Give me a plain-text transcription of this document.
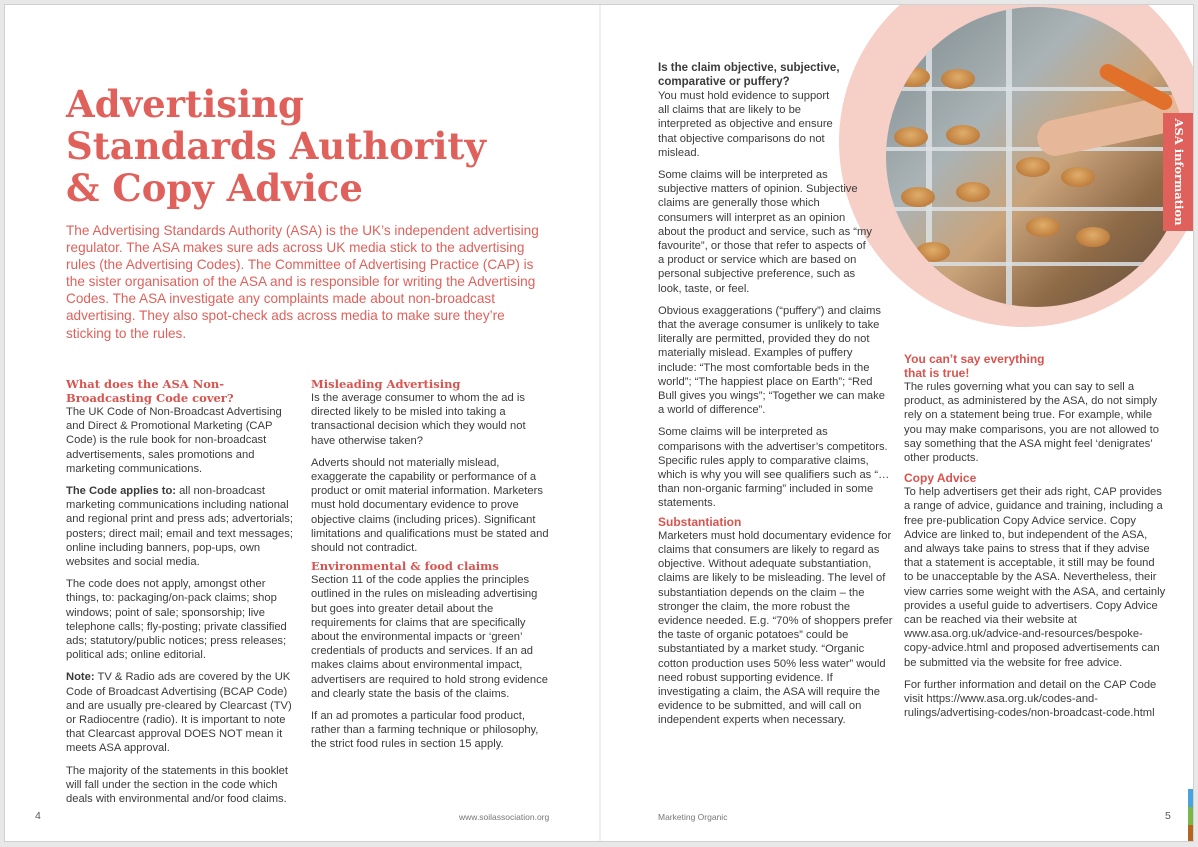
Advertising
Standards Authority
& Copy Advice

The Advertising Standards Authority (ASA) is the UK’s independent advertising regulator. The ASA makes sure ads across UK media stick to the advertising rules (the Advertising Codes). The Committee of Advertising Practice (CAP) is the sister organisation of the ASA and is responsible for writing the Advertising Codes. The ASA investigate any complaints made about non-broadcast advertising. They also spot-check ads across media to make sure they’re sticking to the rules.

What does the ASA Non-Broadcasting Code cover?

The UK Code of Non-Broadcast Advertising and Direct & Promotional Marketing (CAP Code) is the rule book for non-broadcast advertisements, sales promotions and marketing communications.

The Code applies to: all non-broadcast marketing communications including national and regional print and press ads; advertorials; posters; direct mail; email and text messages; online including banners, pop-ups, own websites and social media.

The code does not apply, amongst other things, to: packaging/on-pack claims; shop windows; point of sale; sponsorship; live telephone calls; fly-posting; private classified ads; statutory/public notices; press releases; political ads; online editorial.

Note: TV & Radio ads are covered by the UK Code of Broadcast Advertising (BCAP Code) and are usually pre-cleared by Clearcast (TV) or Radiocentre (radio). It is important to note that Clearcast approval DOES NOT mean it meets ASA approval.

The majority of the statements in this booklet will fall under the section in the code which deals with environmental and/or food claims.

Misleading Advertising

Is the average consumer to whom the ad is directed likely to be misled into taking a transactional decision which they would not have otherwise taken?

Adverts should not materially mislead, exaggerate the capability or performance of a product or omit material information. Marketers must hold documentary evidence to prove objective claims (including prices). Significant limitations and qualifications must be stated and should not contradict.

Environmental & food claims

Section 11 of the code applies the principles outlined in the rules on misleading advertising but goes into greater detail about the requirements for claims that are specifically about the environmental impacts or ‘green’ credentials of products and services. If an ad makes claims about environmental impact, advertisers are required to hold strong evidence and clearly state the basis of the claims.

If an ad promotes a particular food product, rather than a farming technique or philosophy, the strict food rules in section 15 apply.

4	www.soilassociation.org	Marketing Organic	5
ASA information
Is the claim objective, subjective, comparative or puffery?

You must hold evidence to support all claims that are likely to be interpreted as objective and ensure that objective comparisons do not mislead.

Some claims will be interpreted as subjective matters of opinion. Subjective claims are generally those which consumers will interpret as an opinion about the product and service, such as “my favourite”, or those that refer to aspects of a product or service which are based on personal subjective preference, such as look, taste, or feel.

Obvious exaggerations (“puffery”) and claims that the average consumer is unlikely to take literally are permitted, provided they do not materially mislead. Examples of puffery include: “The most comfortable beds in the world”; “The happiest place on Earth”; “Red Bull gives you wings”; “Together we can make a world of difference”.

Some claims will be interpreted as comparisons with the advertiser’s competitors. Specific rules apply to comparative claims, which is why you will see qualifiers such as “… than non-organic farming” included in some statements.

Substantiation

Marketers must hold documentary evidence for claims that consumers are likely to regard as objective. Without adequate substantiation, claims are likely to be misleading. The level of substantiation depends on the claim – the stronger the claim, the more robust the evidence needed. E.g. “70% of shoppers prefer the taste of organic potatoes” could be substantiated by a market study. “Organic cotton production uses 50% less water” would need robust supporting evidence. If investigating a claim, the ASA will require the evidence to be submitted, and will call on independent experts when necessary.

You can’t say everything that is true!

The rules governing what you can say to sell a product, as administered by the ASA, do not simply rely on a statement being true. For example, while you may make comparisons, you are not allowed to say something that the ASA might feel ‘denigrates’ other products.

Copy Advice

To help advertisers get their ads right, CAP provides a range of advice, guidance and training, including a free pre-publication Copy Advice service. Copy Advice are linked to, but independent of the ASA, and always take pains to stress that if they advise that a statement is acceptable, it still may be found to be unacceptable by the ASA. Nevertheless, their view carries some weight with the ASA, and certainly provides a useful guide to advertisers. Copy Advice can be reached via their website at www.asa.org.uk/advice-and-resources/bespoke-copy-advice.html and proposed advertisements can be submitted via the website for free advice.

For further information and detail on the CAP Code visit https://www.asa.org.uk/codes-and-rulings/advertising-codes/non-broadcast-code.html
